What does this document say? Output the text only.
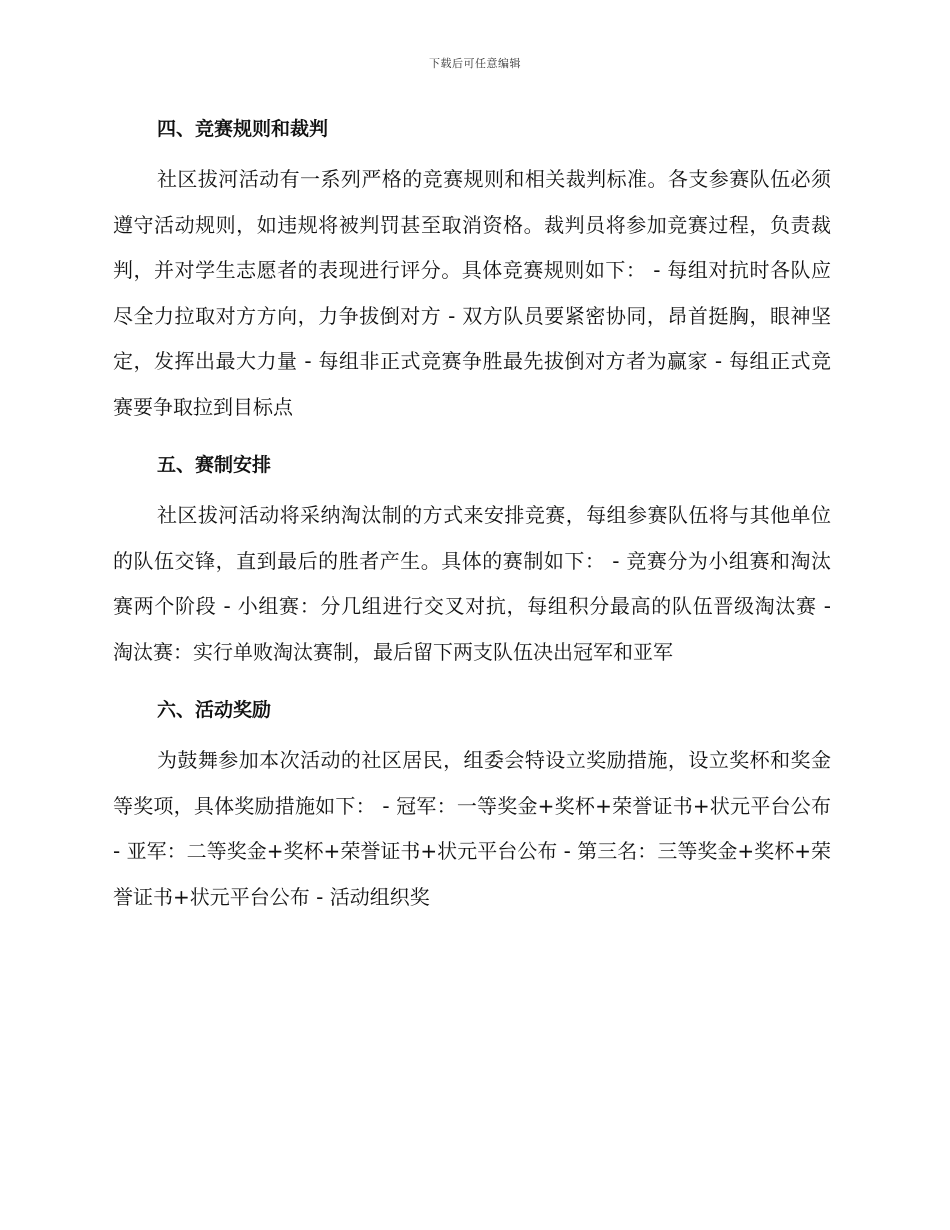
下载后可任意编辑
四、竞赛规则和裁判

社区拔河活动有一系列严格的竞赛规则和相关裁判标准。各支参赛队伍必须遵守活动规则，如违规将被判罚甚至取消资格。裁判员将参加竞赛过程，负责裁判，并对学生志愿者的表现进行评分。具体竞赛规则如下： - 每组对抗时各队应尽全力拉取对方方向，力争拔倒对方 - 双方队员要紧密协同，昂首挺胸，眼神坚定，发挥出最大力量 - 每组非正式竞赛争胜最先拔倒对方者为赢家 - 每组正式竞赛要争取拉到目标点

五、赛制安排

社区拔河活动将采纳淘汰制的方式来安排竞赛，每组参赛队伍将与其他单位的队伍交锋，直到最后的胜者产生。具体的赛制如下： - 竞赛分为小组赛和淘汰赛两个阶段 - 小组赛：分几组进行交叉对抗，每组积分最高的队伍晋级淘汰赛 - 淘汰赛：实行单败淘汰赛制，最后留下两支队伍决出冠军和亚军

六、活动奖励

为鼓舞参加本次活动的社区居民，组委会特设立奖励措施，设立奖杯和奖金等奖项，具体奖励措施如下： - 冠军：一等奖金+奖杯+荣誉证书+状元平台公布 - 亚军：二等奖金+奖杯+荣誉证书+状元平台公布 - 第三名：三等奖金+奖杯+荣誉证书+状元平台公布 - 活动组织奖
